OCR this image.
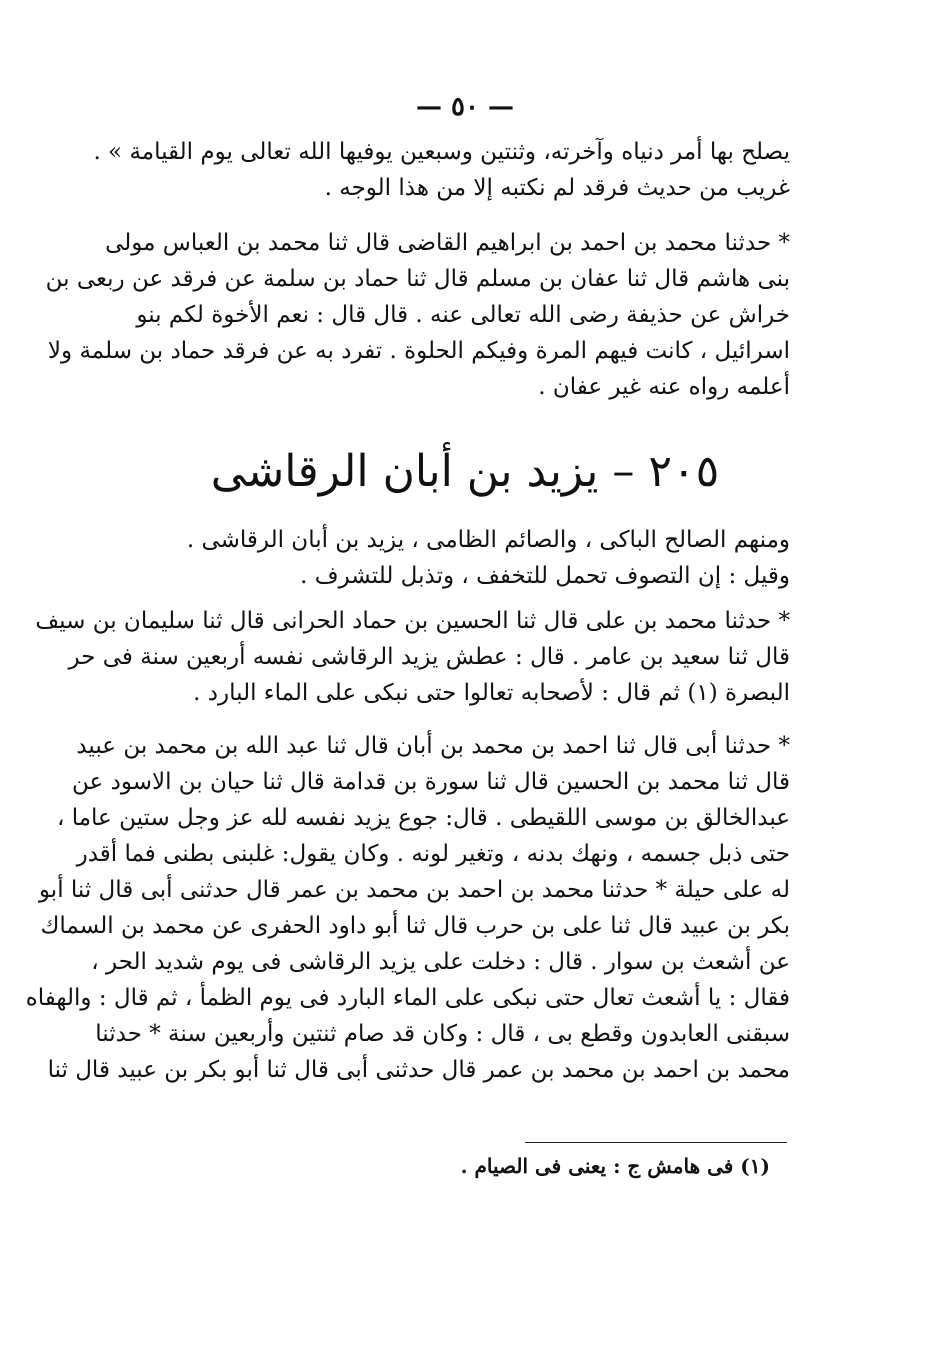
— ٥٠ —
يصلح بها أمر دنياه وآخرته، وثنتين وسبعين يوفيها الله تعالى يوم القيامة » .
غريب من حديث فرقد لم نكتبه إلا من هذا الوجه .
* حدثنا محمد بن احمد بن ابراهيم القاضى قال ثنا محمد بن العباس مولى
بنى هاشم قال ثنا عفان بن مسلم قال ثنا حماد بن سلمة عن فرقد عن ربعى بن
خراش عن حذيفة رضى الله تعالى عنه . قال قال : نعم الأخوة لكم بنو
اسرائيل ، كانت فيهم المرة وفيكم الحلوة . تفرد به عن فرقد حماد بن سلمة ولا
أعلمه رواه عنه غير عفان .
٢٠٥ – يزيد بن أبان الرقاشى
ومنهم الصالح الباكى ، والصائم الظامى ، يزيد بن أبان الرقاشى .
وقيل : إن التصوف تحمل للتخفف ، وتذبل للتشرف .
* حدثنا محمد بن على قال ثنا الحسين بن حماد الحرانى قال ثنا سليمان بن سيف
قال ثنا سعيد بن عامر . قال : عطش يزيد الرقاشى نفسه أربعين سنة فى حر
البصرة (١) ثم قال : لأصحابه تعالوا حتى نبكى على الماء البارد .
* حدثنا أبى قال ثنا احمد بن محمد بن أبان قال ثنا عبد الله بن محمد بن عبيد
قال ثنا محمد بن الحسين قال ثنا سورة بن قدامة قال ثنا حيان بن الاسود عن
عبدالخالق بن موسى اللقيطى . قال: جوع يزيد نفسه لله عز وجل ستين عاما ،
حتى ذبل جسمه ، ونهك بدنه ، وتغير لونه . وكان يقول: غلبنى بطنى فما أقدر
له على حيلة * حدثنا محمد بن احمد بن محمد بن عمر قال حدثنى أبى قال ثنا أبو
بكر بن عبيد قال ثنا على بن حرب قال ثنا أبو داود الحفرى عن محمد بن السماك
عن أشعث بن سوار . قال : دخلت على يزيد الرقاشى فى يوم شديد الحر ،
فقال : يا أشعث تعال حتى نبكى على الماء البارد فى يوم الظمأ ، ثم قال : والهفاه
سبقنى العابدون وقطع بى ، قال : وكان قد صام ثنتين وأربعين سنة * حدثنا
محمد بن احمد بن محمد بن عمر قال حدثنى أبى قال ثنا أبو بكر بن عبيد قال ثنا
(١) فى هامش ج : يعنى فى الصيام .
